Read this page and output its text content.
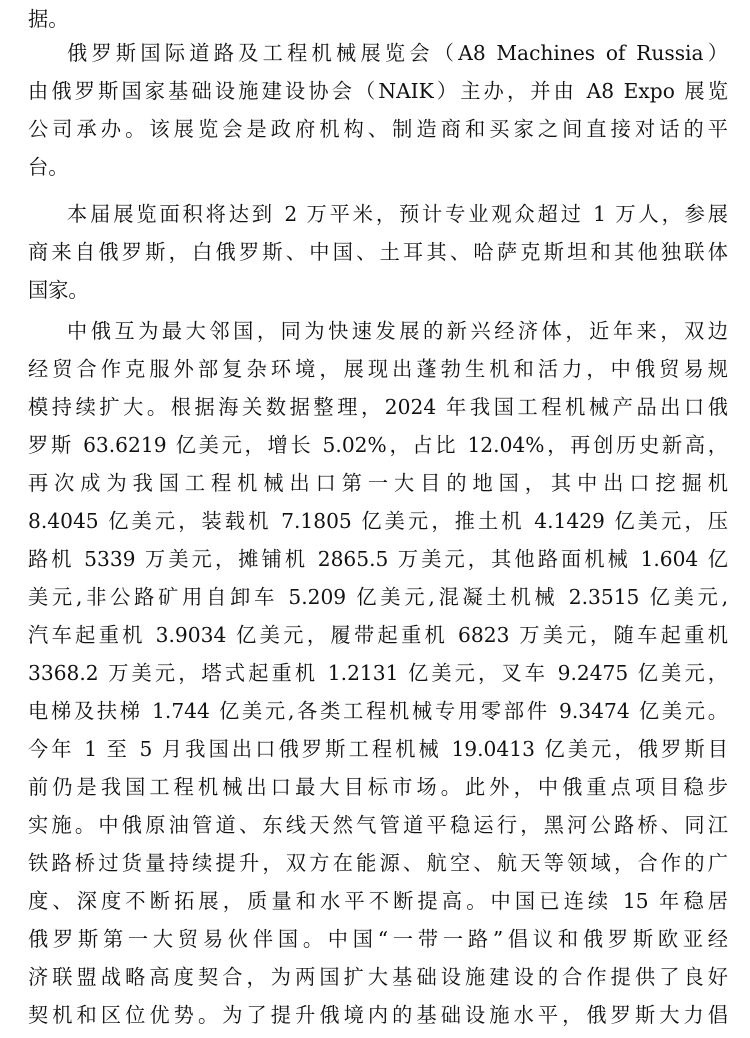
据。
俄罗斯国际道路及工程机械展览会（A8 Machines of Russia）
由俄罗斯国家基础设施建设协会（NAIK）主办，并由 A8 Expo 展览
公司承办。该展览会是政府机构、制造商和买家之间直接对话的平
台。
本届展览面积将达到 2 万平米，预计专业观众超过 1 万人，参展
商来自俄罗斯，白俄罗斯、中国、土耳其、哈萨克斯坦和其他独联体
国家。
中俄互为最大邻国，同为快速发展的新兴经济体，近年来，双边
经贸合作克服外部复杂环境，展现出蓬勃生机和活力，中俄贸易规
模持续扩大。根据海关数据整理，2024 年我国工程机械产品出口俄
罗斯 63.6219 亿美元，增长 5.02%，占比 12.04%，再创历史新高，
再次成为我国工程机械出口第一大目的地国，其中出口挖掘机
8.4045 亿美元，装载机 7.1805 亿美元，推土机 4.1429 亿美元，压
路机 5339 万美元，摊铺机 2865.5 万美元，其他路面机械 1.604 亿
美元,非公路矿用自卸车 5.209 亿美元,混凝土机械 2.3515 亿美元,
汽车起重机 3.9034 亿美元，履带起重机 6823 万美元，随车起重机
3368.2 万美元，塔式起重机 1.2131 亿美元，叉车 9.2475 亿美元，
电梯及扶梯 1.744 亿美元,各类工程机械专用零部件 9.3474 亿美元。
今年 1 至 5 月我国出口俄罗斯工程机械 19.0413 亿美元，俄罗斯目
前仍是我国工程机械出口最大目标市场。此外，中俄重点项目稳步
实施。中俄原油管道、东线天然气管道平稳运行，黑河公路桥、同江
铁路桥过货量持续提升，双方在能源、航空、航天等领域，合作的广
度、深度不断拓展，质量和水平不断提高。中国已连续 15 年稳居
俄罗斯第一大贸易伙伴国。中国“一带一路”倡议和俄罗斯欧亚经
济联盟战略高度契合，为两国扩大基础设施建设的合作提供了良好
契机和区位优势。为了提升俄境内的基础设施水平，俄罗斯大力倡
